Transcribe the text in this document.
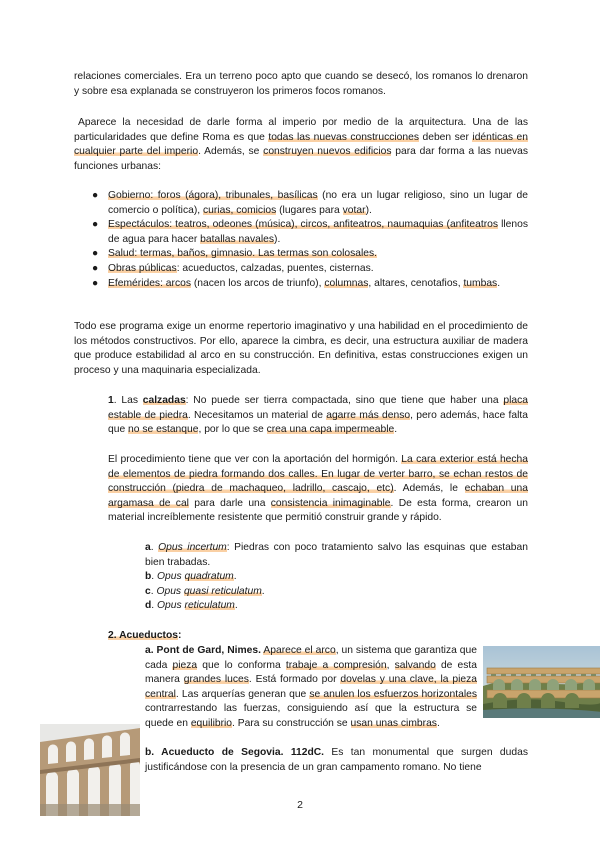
relaciones comerciales. Era un terreno poco apto que cuando se desecó, los romanos lo drenaron y sobre esa explanada se construyeron los primeros focos romanos.

Aparece la necesidad de darle forma al imperio por medio de la arquitectura. Una de las particularidades que define Roma es que todas las nuevas construcciones deben ser idénticas en cualquier parte del imperio. Además, se construyen nuevos edificios para dar forma a las nuevas funciones urbanas:

● Gobierno: foros (ágora), tribunales, basílicas (no era un lugar religioso, sino un lugar de comercio o política), curias, comicios (lugares para votar).
● Espectáculos: teatros, odeones (música), circos, anfiteatros, naumaquias (anfiteatros llenos de agua para hacer batallas navales).
● Salud: termas, baños, gimnasio. Las termas son colosales.
● Obras públicas: acueductos, calzadas, puentes, cisternas.
● Efemérides: arcos (nacen los arcos de triunfo), columnas, altares, cenotafios, tumbas.

Todo ese programa exige un enorme repertorio imaginativo y una habilidad en el procedimiento de los métodos constructivos. Por ello, aparece la cimbra, es decir, una estructura auxiliar de madera que produce estabilidad al arco en su construcción. En definitiva, estas construcciones exigen un proceso y una maquinaria especializada.

1. Las calzadas: No puede ser tierra compactada, sino que tiene que haber una placa estable de piedra. Necesitamos un material de agarre más denso, pero además, hace falta que no se estanque, por lo que se crea una capa impermeable.

El procedimiento tiene que ver con la aportación del hormigón. La cara exterior está hecha de elementos de piedra formando dos calles. En lugar de verter barro, se echan restos de construcción (piedra de machaqueo, ladrillo, cascajo, etc). Además, le echaban una argamasa de cal para darle una consistencia inimaginable. De esta forma, crearon un material increíblemente resistente que permitió construir grande y rápido.

a. Opus incertum: Piedras con poco tratamiento salvo las esquinas que estaban bien trabadas.

b. Opus quadratum.
c. Opus quasi reticulatum.
d. Opus reticulatum.

2. Acueductos:

a. Pont de Gard, Nimes. Aparece el arco, un sistema que garantiza que cada pieza que lo conforma trabaje a compresión, salvando de esta manera grandes luces. Está formado por dovelas y una clave, la pieza central. Las arquerías generan que se anulen los esfuerzos horizontales contrarrestando las fuerzas, consiguiendo así que la estructura se quede en equilibrio. Para su construcción se usan unas cimbras.

b. Acueducto de Segovia. 112dC. Es tan monumental que surgen dudas justificándose con la presencia de un gran campamento romano. No tiene

2
